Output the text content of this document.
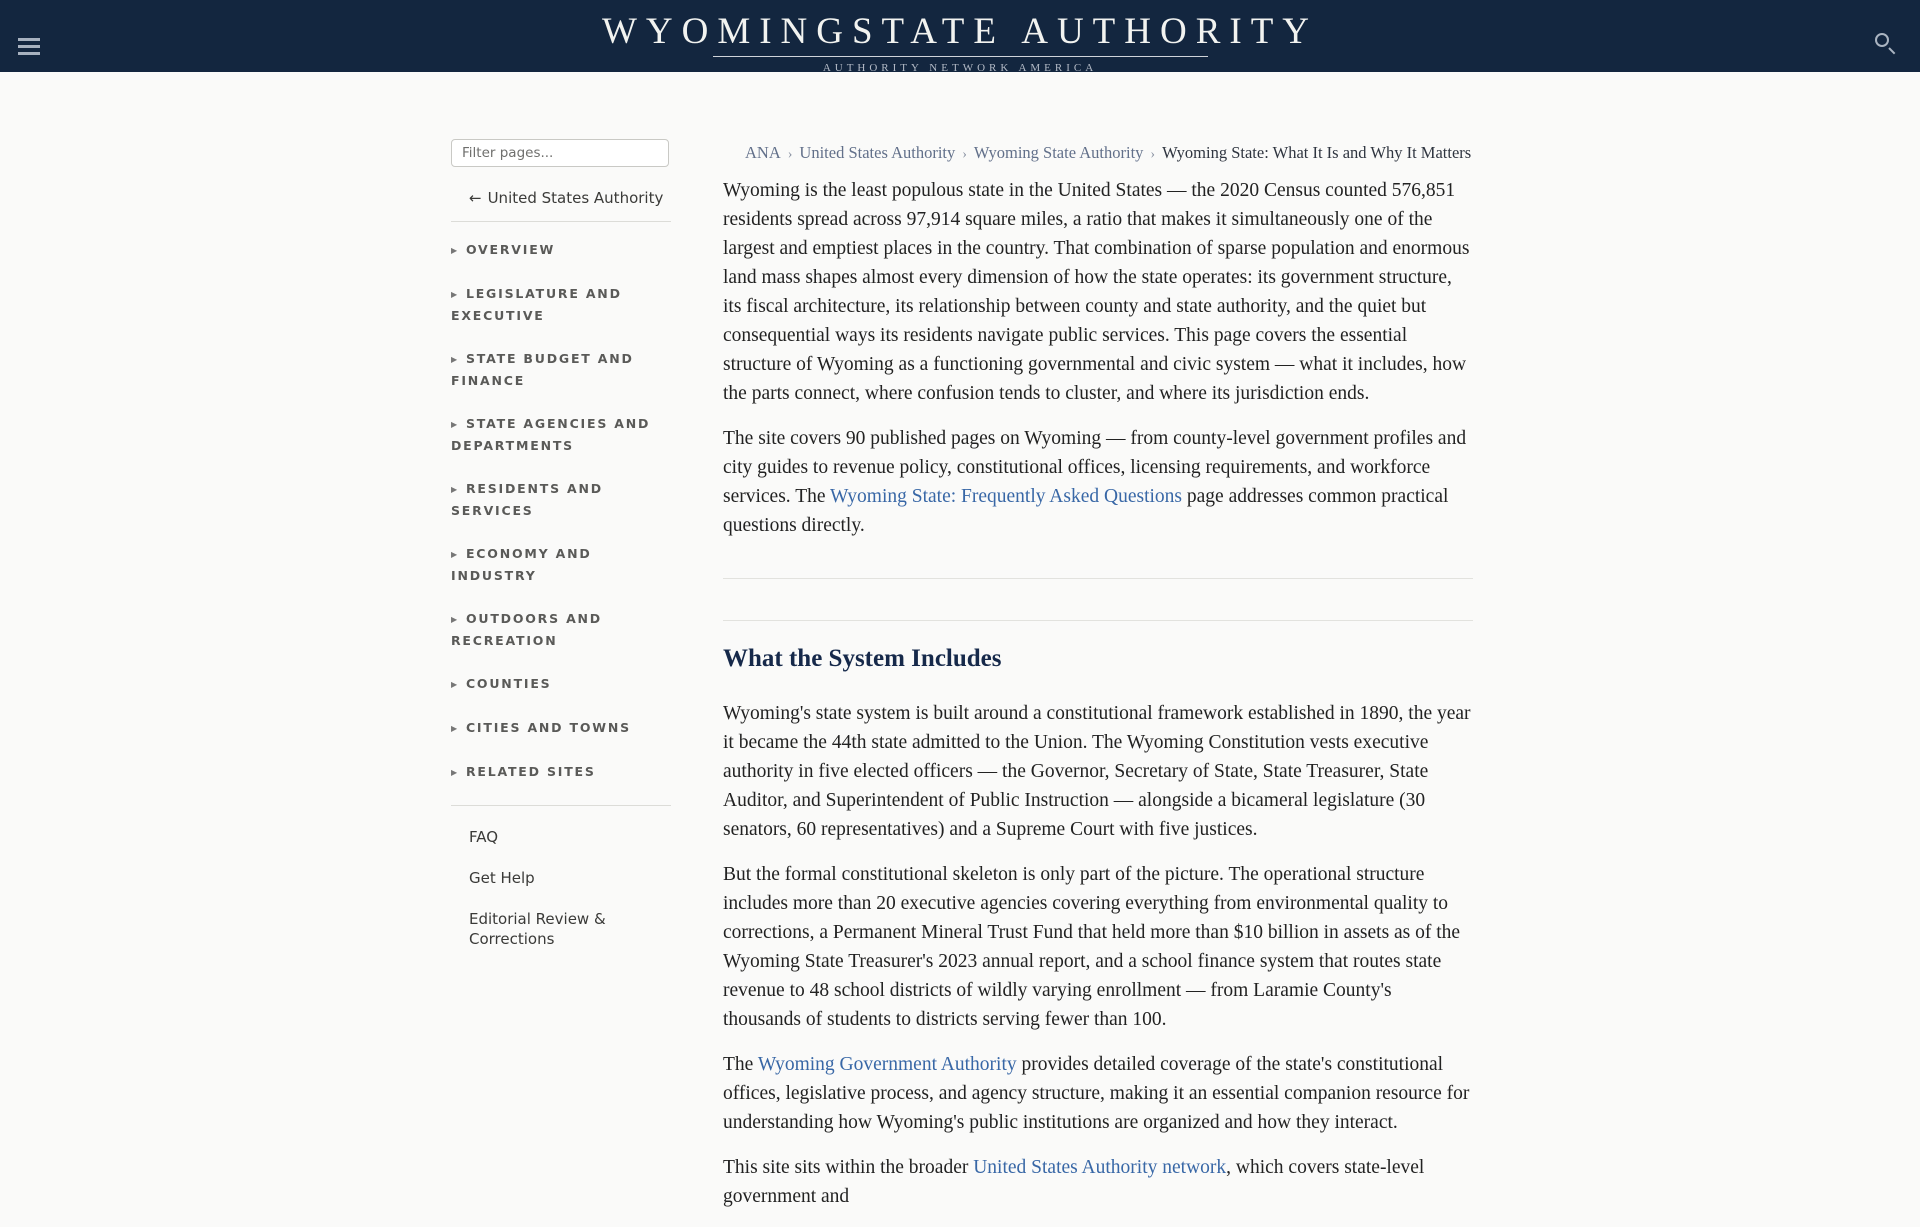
WYOMINGSTATE AUTHORITY
AUTHORITY NETWORK AMERICA
Filter pages...
← United States Authority
▶ OVERVIEW
▶ LEGISLATURE AND EXECUTIVE
▶ STATE BUDGET AND FINANCE
▶ STATE AGENCIES AND DEPARTMENTS
▶ RESIDENTS AND SERVICES
▶ ECONOMY AND INDUSTRY
▶ OUTDOORS AND RECREATION
▶ COUNTIES
▶ CITIES AND TOWNS
▶ RELATED SITES
FAQ
Get Help
Editorial Review & Corrections
ANA › United States Authority › Wyoming State Authority › Wyoming State: What It Is and Why It Matters

Wyoming is the least populous state in the United States — the 2020 Census counted 576,851 residents spread across 97,914 square miles, a ratio that makes it simultaneously one of the largest and emptiest places in the country. That combination of sparse population and enormous land mass shapes almost every dimension of how the state operates: its government structure, its fiscal architecture, its relationship between county and state authority, and the quiet but consequential ways its residents navigate public services. This page covers the essential structure of Wyoming as a functioning governmental and civic system — what it includes, how the parts connect, where confusion tends to cluster, and where its jurisdiction ends.

The site covers 90 published pages on Wyoming — from county-level government profiles and city guides to revenue policy, constitutional offices, licensing requirements, and workforce services. The Wyoming State: Frequently Asked Questions page addresses common practical questions directly.

What the System Includes

Wyoming's state system is built around a constitutional framework established in 1890, the year it became the 44th state admitted to the Union. The Wyoming Constitution vests executive authority in five elected officers — the Governor, Secretary of State, State Treasurer, State Auditor, and Superintendent of Public Instruction — alongside a bicameral legislature (30 senators, 60 representatives) and a Supreme Court with five justices.

But the formal constitutional skeleton is only part of the picture. The operational structure includes more than 20 executive agencies covering everything from environmental quality to corrections, a Permanent Mineral Trust Fund that held more than $10 billion in assets as of the Wyoming State Treasurer's 2023 annual report, and a school finance system that routes state revenue to 48 school districts of wildly varying enrollment — from Laramie County's thousands of students to districts serving fewer than 100.

The Wyoming Government Authority provides detailed coverage of the state's constitutional offices, legislative process, and agency structure, making it an essential companion resource for understanding how Wyoming's public institutions are organized and how they interact.

This site sits within the broader United States Authority network, which covers state-level government and
